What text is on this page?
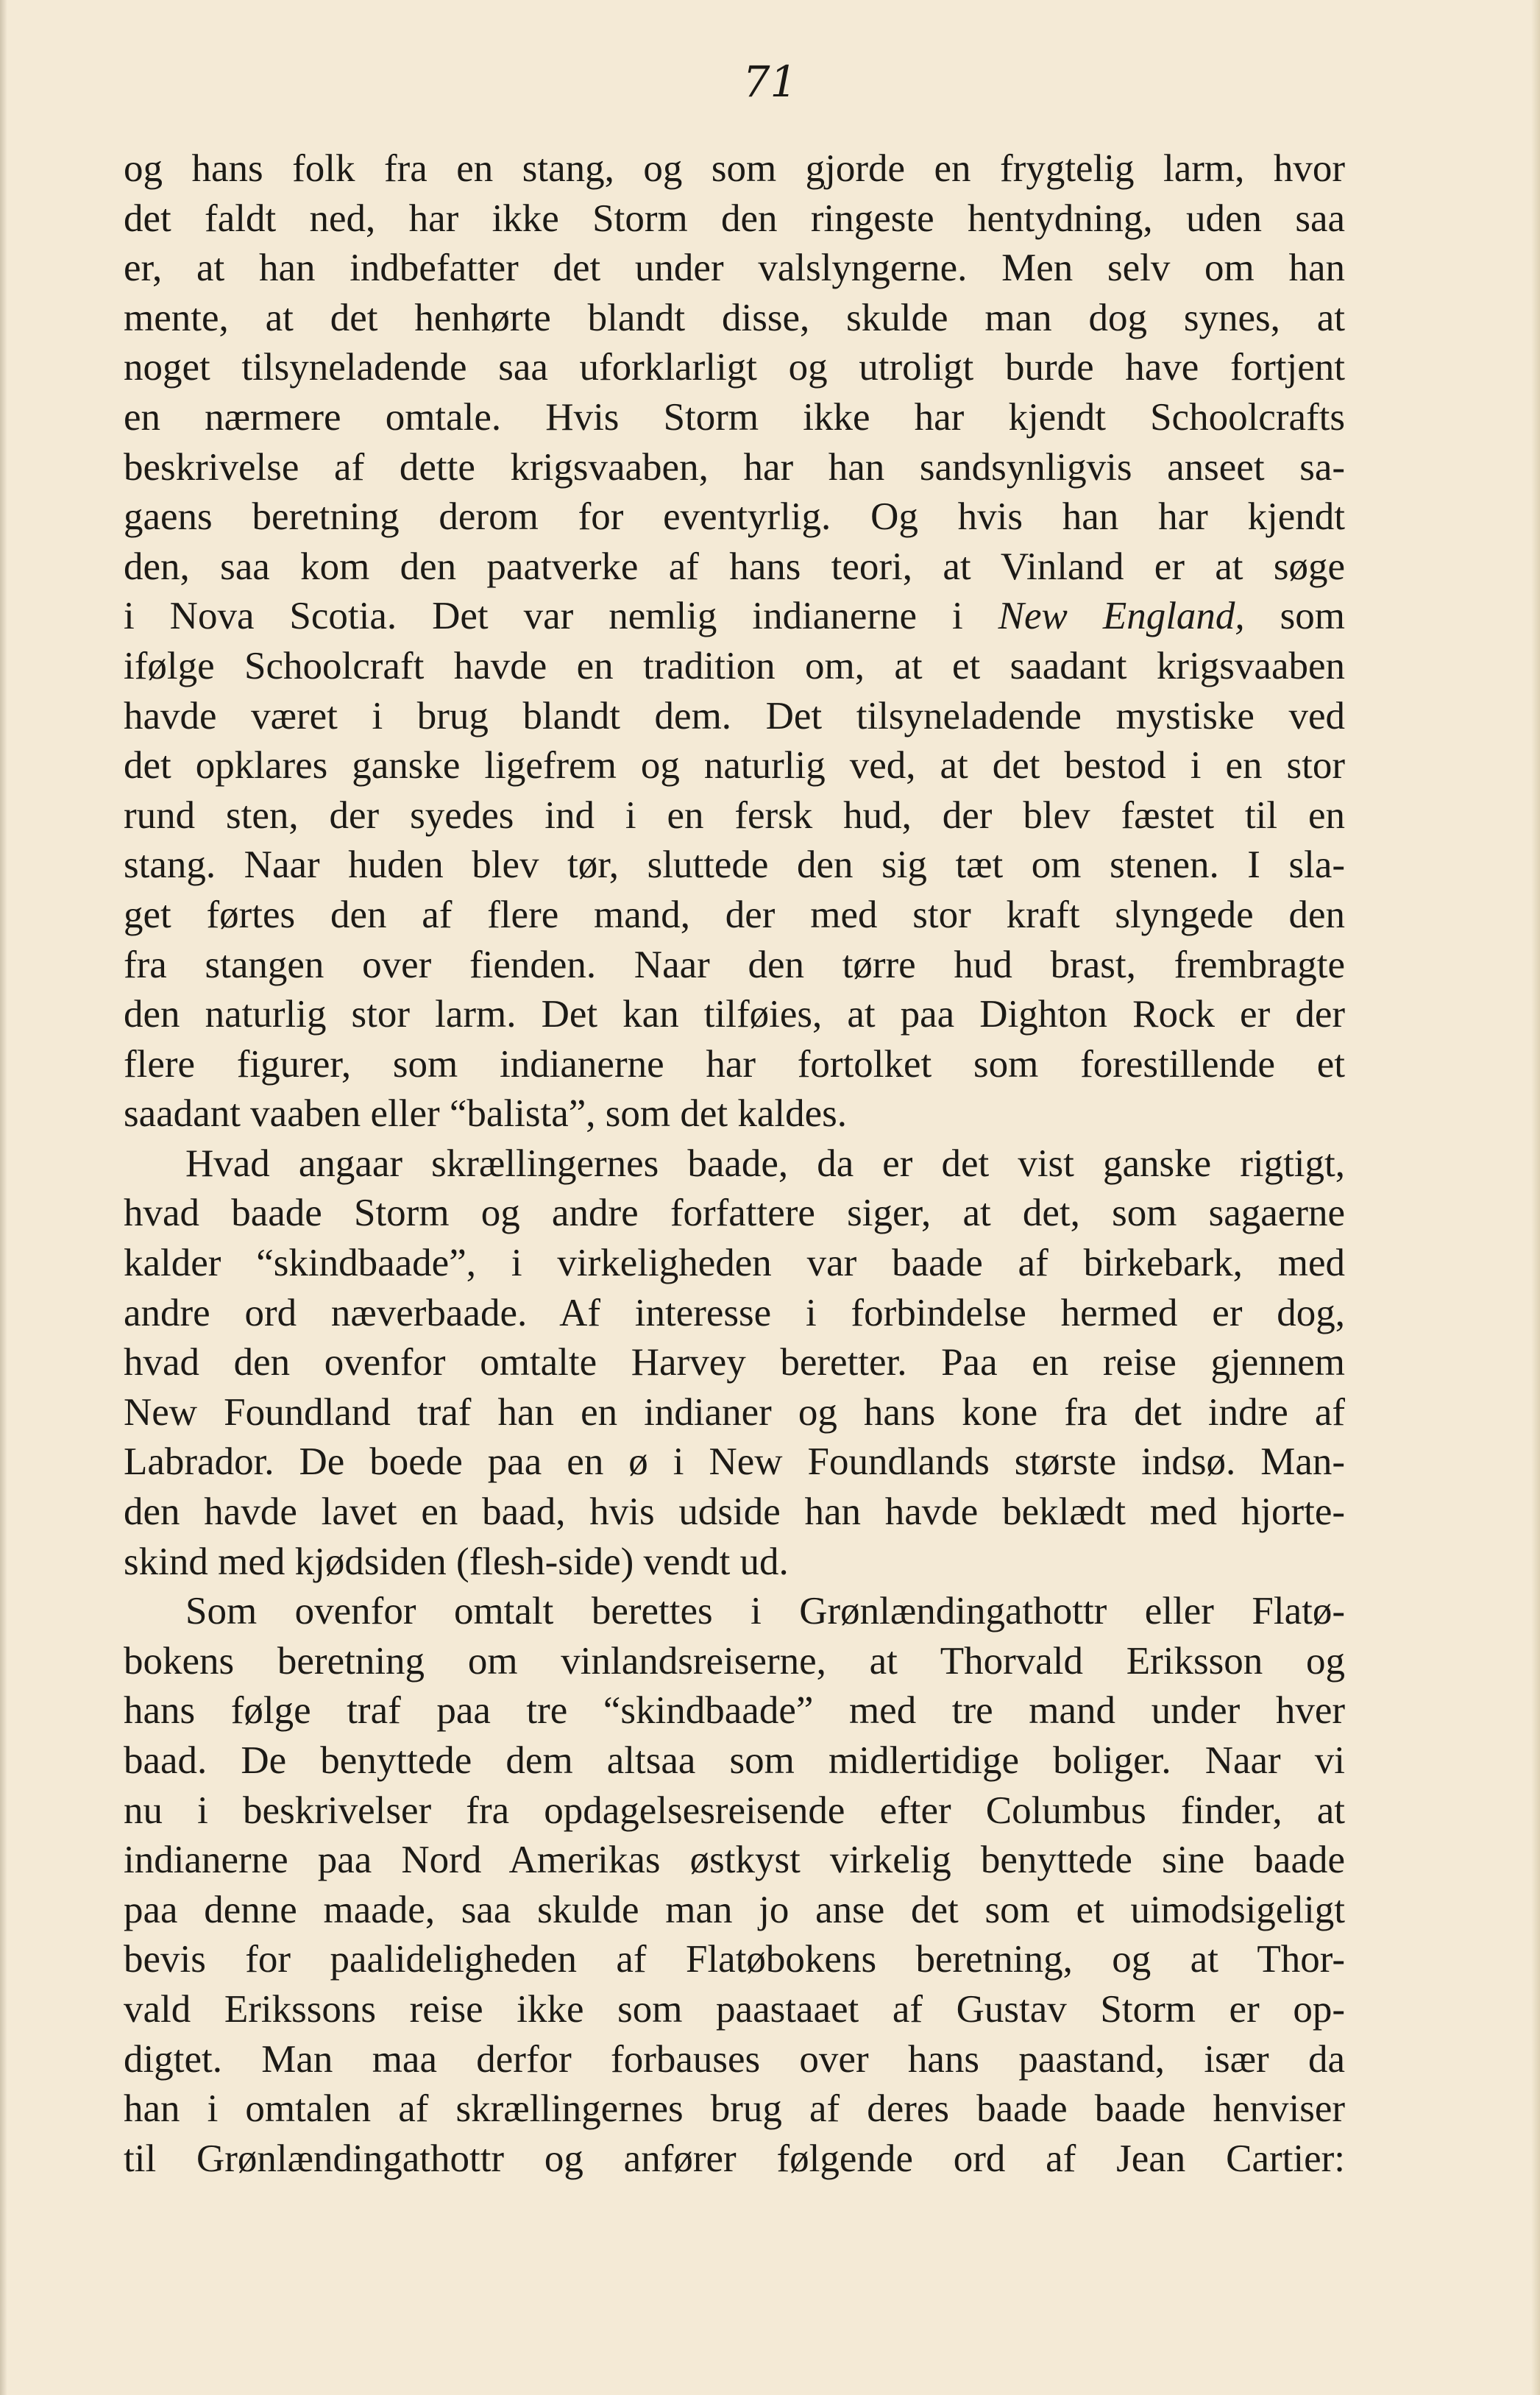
71
og hans folk fra en stang, og som gjorde en frygtelig larm, hvor
det faldt ned, har ikke Storm den ringeste hentydning, uden saa
er, at han indbefatter det under valslyngerne. Men selv om han
mente, at det henhørte blandt disse, skulde man dog synes, at
noget tilsyneladende saa uforklarligt og utroligt burde have fortjent
en nærmere omtale. Hvis Storm ikke har kjendt Schoolcrafts
beskrivelse af dette krigsvaaben, har han sandsynligvis anseet sa-
gaens beretning derom for eventyrlig. Og hvis han har kjendt
den, saa kom den paatverke af hans teori, at Vinland er at søge
i Nova Scotia. Det var nemlig indianerne i New England, som
ifølge Schoolcraft havde en tradition om, at et saadant krigsvaaben
havde været i brug blandt dem. Det tilsyneladende mystiske ved
det opklares ganske ligefrem og naturlig ved, at det bestod i en stor
rund sten, der syedes ind i en fersk hud, der blev fæstet til en
stang. Naar huden blev tør, sluttede den sig tæt om stenen. I sla-
get førtes den af flere mand, der med stor kraft slyngede den
fra stangen over fienden. Naar den tørre hud brast, frembragte
den naturlig stor larm. Det kan tilføies, at paa Dighton Rock er der
flere figurer, som indianerne har fortolket som forestillende et
saadant vaaben eller “balista”, som det kaldes.
Hvad angaar skrællingernes baade, da er det vist ganske rigtigt,
hvad baade Storm og andre forfattere siger, at det, som sagaerne
kalder “skindbaade”, i virkeligheden var baade af birkebark, med
andre ord næverbaade. Af interesse i forbindelse hermed er dog,
hvad den ovenfor omtalte Harvey beretter. Paa en reise gjennem
New Foundland traf han en indianer og hans kone fra det indre af
Labrador. De boede paa en ø i New Foundlands største indsø. Man-
den havde lavet en baad, hvis udside han havde beklædt med hjorte-
skind med kjødsiden (flesh-side) vendt ud.
Som ovenfor omtalt berettes i Grønlændingathottr eller Flatø-
bokens beretning om vinlandsreiserne, at Thorvald Eriksson og
hans følge traf paa tre “skindbaade” med tre mand under hver
baad. De benyttede dem altsaa som midlertidige boliger. Naar vi
nu i beskrivelser fra opdagelsesreisende efter Columbus finder, at
indianerne paa Nord Amerikas østkyst virkelig benyttede sine baade
paa denne maade, saa skulde man jo anse det som et uimodsigeligt
bevis for paalideligheden af Flatøbokens beretning, og at Thor-
vald Erikssons reise ikke som paastaaet af Gustav Storm er op-
digtet. Man maa derfor forbauses over hans paastand, især da
han i omtalen af skrællingernes brug af deres baade baade henviser
til Grønlændingathottr og anfører følgende ord af Jean Cartier:
